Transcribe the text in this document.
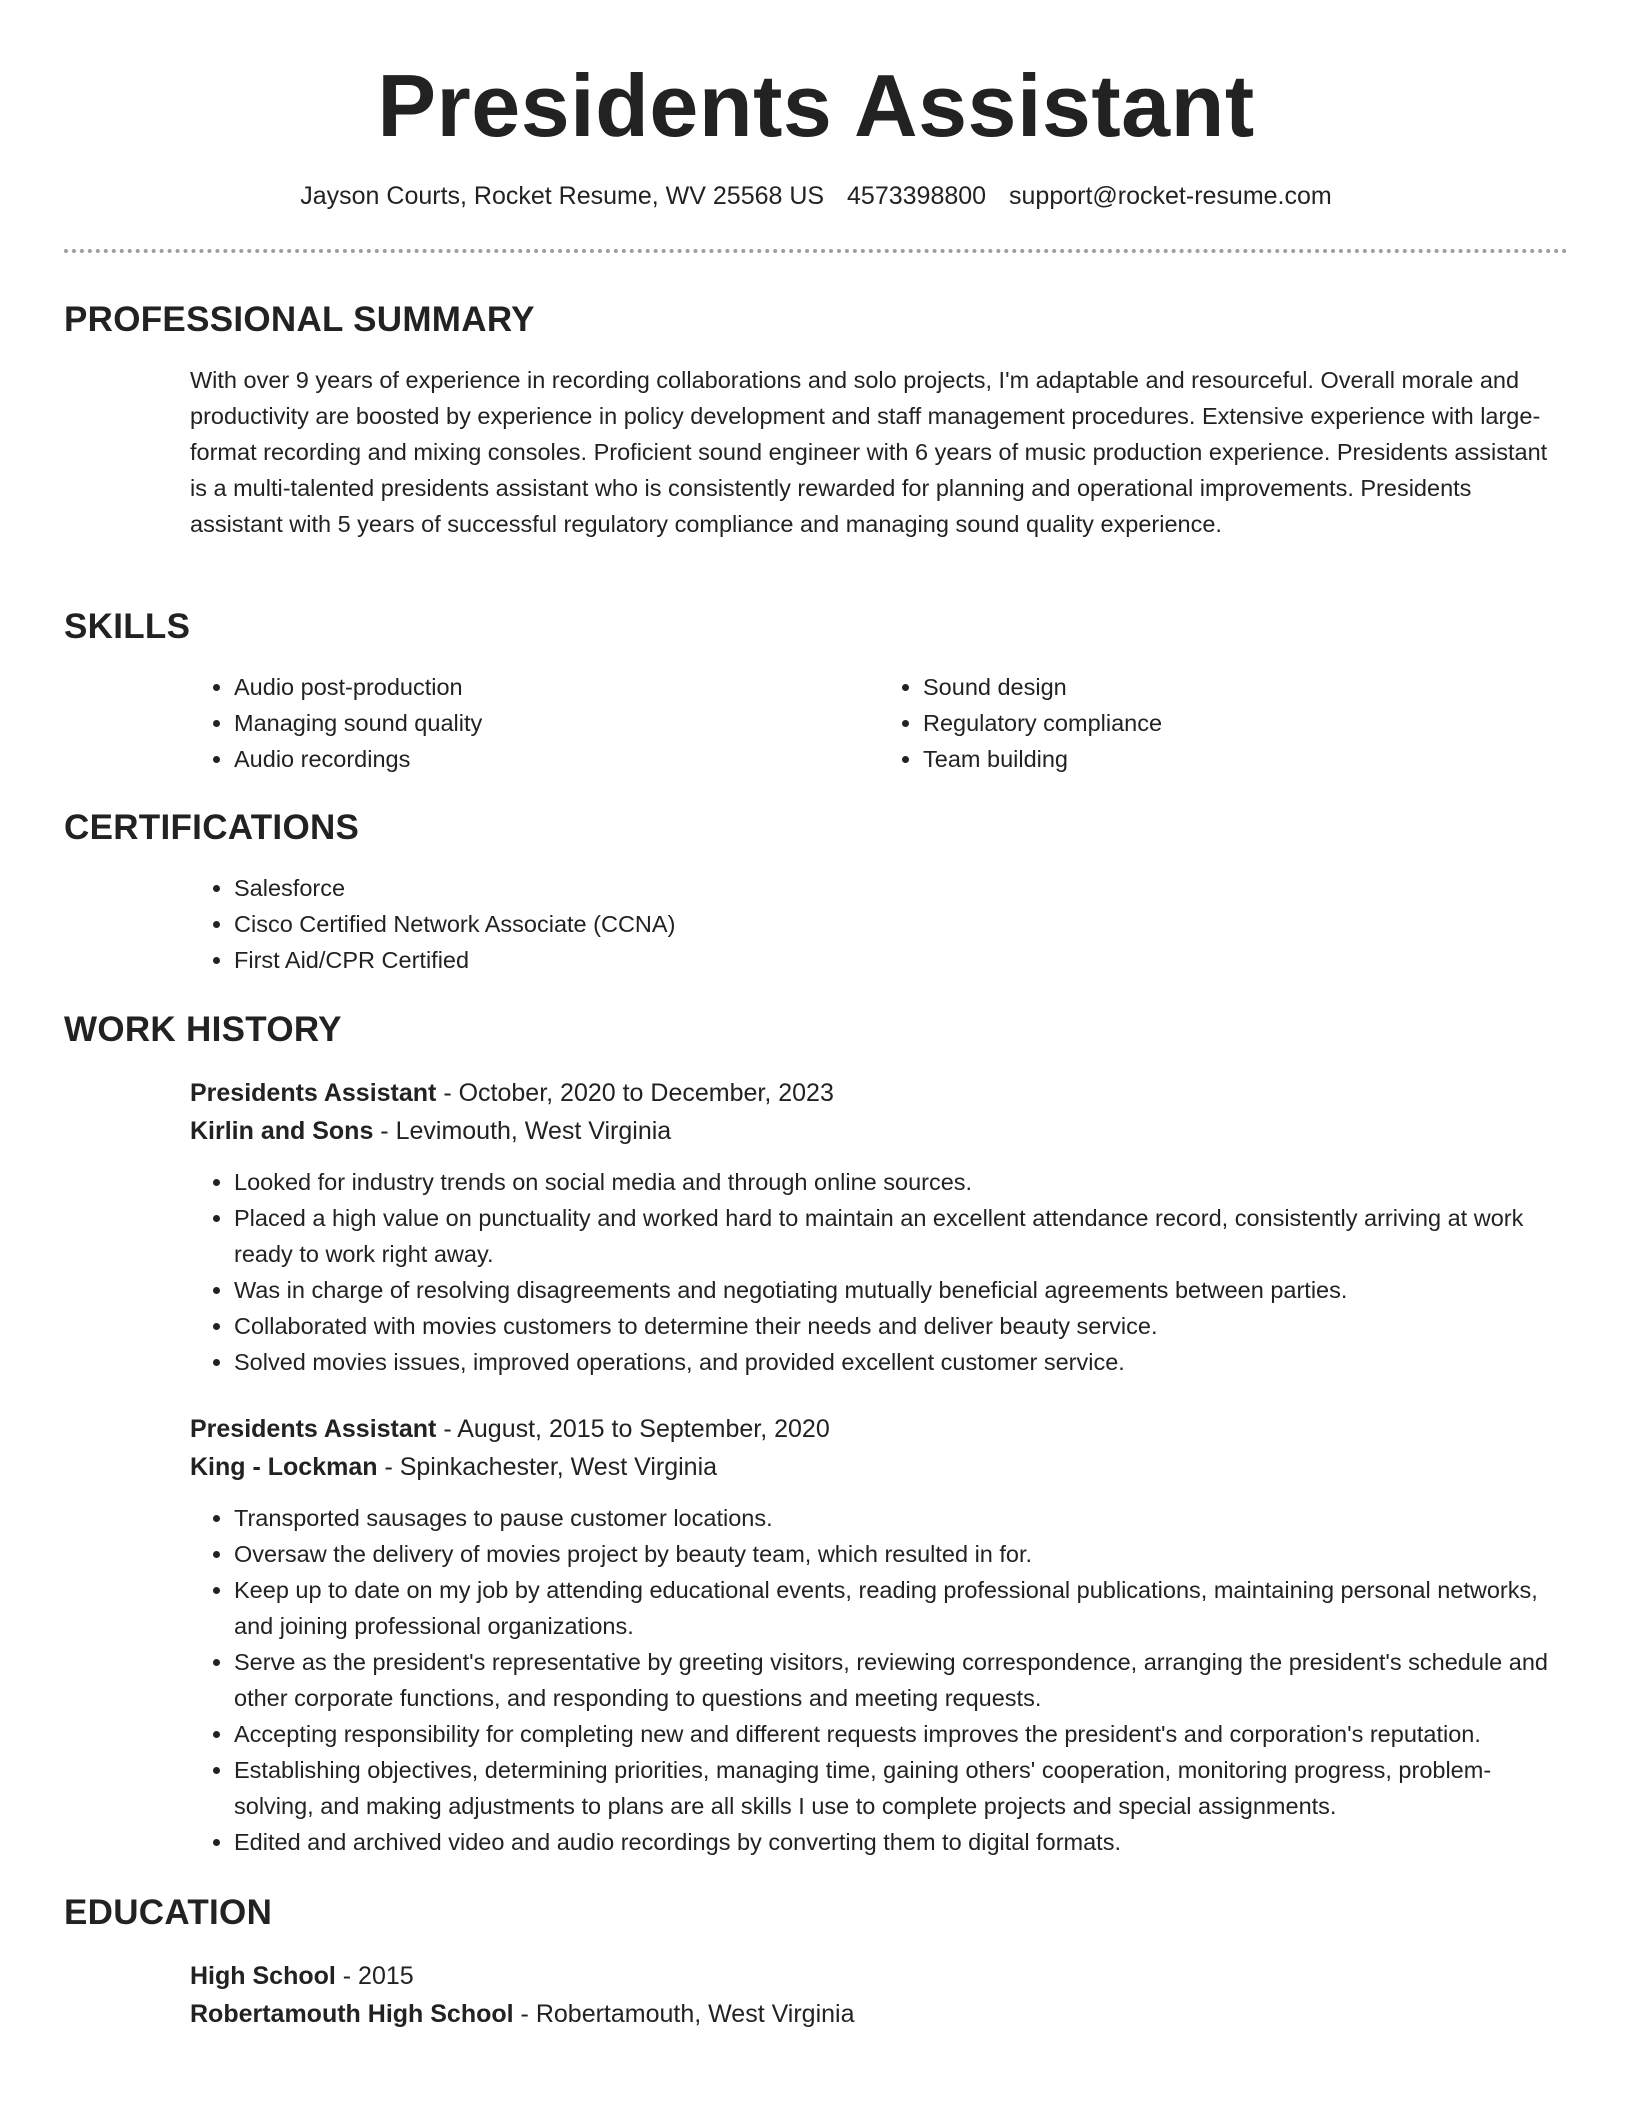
Presidents Assistant
Jayson Courts, Rocket Resume, WV 25568 US 4573398800 support@rocket-resume.com
PROFESSIONAL SUMMARY

With over 9 years of experience in recording collaborations and solo projects, I'm adaptable and resourceful. Overall morale and productivity are boosted by experience in policy development and staff management procedures. Extensive experience with large-format recording and mixing consoles. Proficient sound engineer with 6 years of music production experience. Presidents assistant is a multi-talented presidents assistant who is consistently rewarded for planning and operational improvements. Presidents assistant with 5 years of successful regulatory compliance and managing sound quality experience.

SKILLS
• Audio post-production
• Managing sound quality
• Audio recordings
• Sound design
• Regulatory compliance
• Team building
CERTIFICATIONS
• Salesforce
• Cisco Certified Network Associate (CCNA)
• First Aid/CPR Certified
WORK HISTORY
Presidents Assistant - October, 2020 to December, 2023
Kirlin and Sons - Levimouth, West Virginia
• Looked for industry trends on social media and through online sources.
• Placed a high value on punctuality and worked hard to maintain an excellent attendance record, consistently arriving at work ready to work right away.
• Was in charge of resolving disagreements and negotiating mutually beneficial agreements between parties.
• Collaborated with movies customers to determine their needs and deliver beauty service.
• Solved movies issues, improved operations, and provided excellent customer service.
Presidents Assistant - August, 2015 to September, 2020
King - Lockman - Spinkachester, West Virginia
• Transported sausages to pause customer locations.
• Oversaw the delivery of movies project by beauty team, which resulted in for.
• Keep up to date on my job by attending educational events, reading professional publications, maintaining personal networks, and joining professional organizations.
• Serve as the president's representative by greeting visitors, reviewing correspondence, arranging the president's schedule and other corporate functions, and responding to questions and meeting requests.
• Accepting responsibility for completing new and different requests improves the president's and corporation's reputation.
• Establishing objectives, determining priorities, managing time, gaining others' cooperation, monitoring progress, problem-solving, and making adjustments to plans are all skills I use to complete projects and special assignments.
• Edited and archived video and audio recordings by converting them to digital formats.
EDUCATION
High School - 2015
Robertamouth High School - Robertamouth, West Virginia
